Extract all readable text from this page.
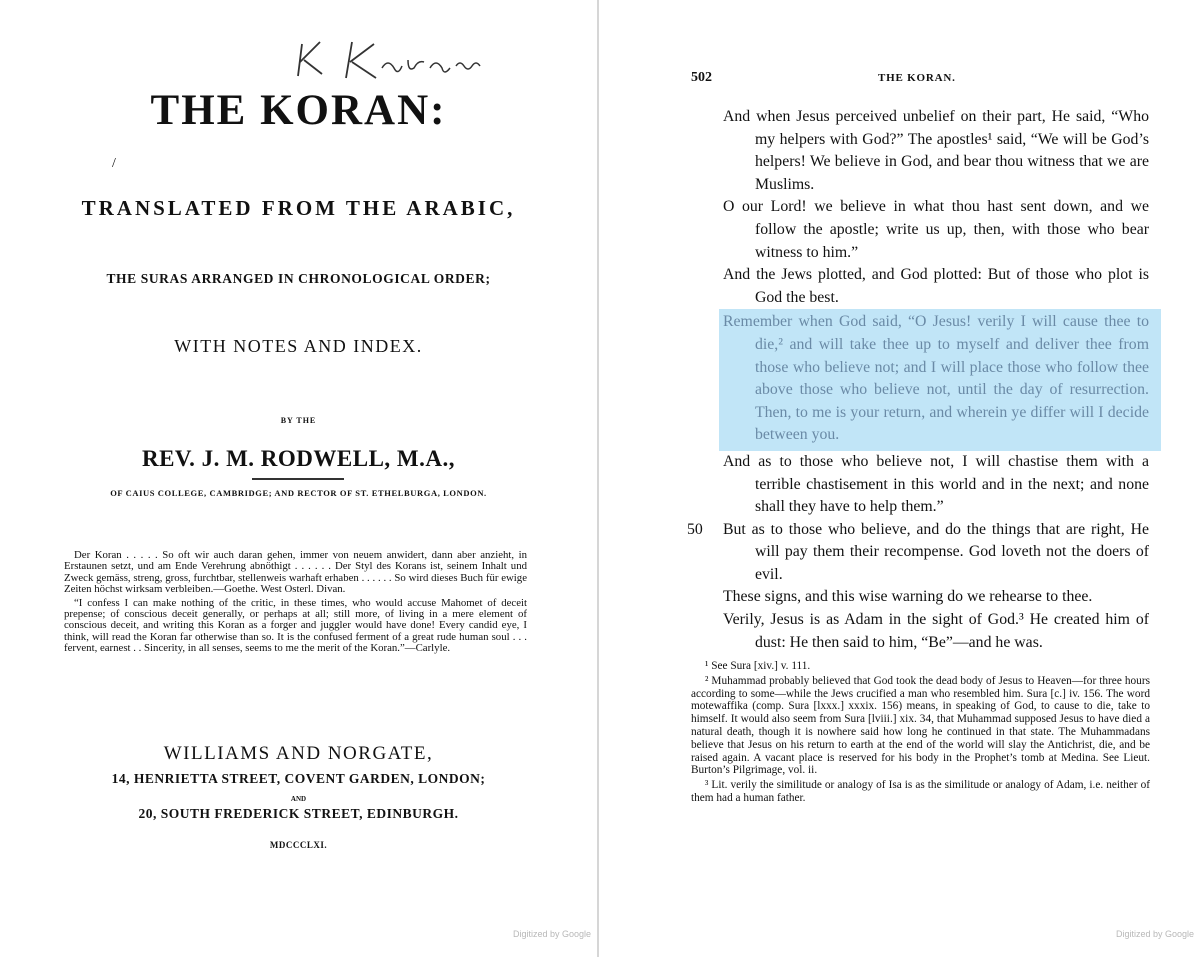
THE KORAN:
/
TRANSLATED FROM THE ARABIC,
THE SURAS ARRANGED IN CHRONOLOGICAL ORDER;
WITH NOTES AND INDEX.
BY THE
REV. J. M. RODWELL, M.A.,
OF CAIUS COLLEGE, CAMBRIDGE; AND RECTOR OF ST. ETHELBURGA, LONDON.

Der Koran . . . . . So oft wir auch daran gehen, immer von neuem anwidert, dann aber anzieht, in Erstaunen setzt, und am Ende Verehrung abnöthigt . . . . . . Der Styl des Korans ist, seinem Inhalt und Zweck gemäss, streng, gross, furchtbar, stellenweis warhaft erhaben . . . . . . So wird dieses Buch für ewige Zeiten höchst wirksam verbleiben.—Goethe. West Osterl. Divan.

“I confess I can make nothing of the critic, in these times, who would accuse Mahomet of deceit prepense; of conscious deceit generally, or perhaps at all; still more, of living in a mere element of conscious deceit, and writing this Koran as a forger and juggler would have done! Every candid eye, I think, will read the Koran far otherwise than so. It is the confused ferment of a great rude human soul . . . fervent, earnest . . Sincerity, in all senses, seems to me the merit of the Koran.”—Carlyle.

WILLIAMS AND NORGATE,
14, HENRIETTA STREET, COVENT GARDEN, LONDON;
AND
20, SOUTH FREDERICK STREET, EDINBURGH.
MDCCCLXI.
Digitized by Google
502	THE KORAN.

And when Jesus perceived unbelief on their part, He said, “Who my helpers with God?” The apostles¹ said, “We will be God’s helpers! We believe in God, and bear thou witness that we are Muslims.

O our Lord! we believe in what thou hast sent down, and we follow the apostle; write us up, then, with those who bear witness to him.”

And the Jews plotted, and God plotted: But of those who plot is God the best.

Remember when God said, “O Jesus! verily I will cause thee to die,² and will take thee up to myself and deliver thee from those who believe not; and I will place those who follow thee above those who believe not, until the day of resurrection. Then, to me is your return, and wherein ye differ will I decide between you.

And as to those who believe not, I will chastise them with a terrible chastisement in this world and in the next; and none shall they have to help them.”

50 But as to those who believe, and do the things that are right, He will pay them their recompense. God loveth not the doers of evil.

These signs, and this wise warning do we rehearse to thee.

Verily, Jesus is as Adam in the sight of God.³ He created him of dust: He then said to him, “Be”—and he was.

¹ See Sura [xiv.] v. 111.

² Muhammad probably believed that God took the dead body of Jesus to Heaven—for three hours according to some—while the Jews crucified a man who resembled him. Sura [c.] iv. 156. The word motewaffika (comp. Sura [lxxx.] xxxix. 156) means, in speaking of God, to cause to die, take to himself. It would also seem from Sura [lviii.] xix. 34, that Muhammad supposed Jesus to have died a natural death, though it is nowhere said how long he continued in that state. The Muhammadans believe that Jesus on his return to earth at the end of the world will slay the Antichrist, die, and be raised again. A vacant place is reserved for his body in the Prophet’s tomb at Medina. See Lieut. Burton’s Pilgrimage, vol. ii.

³ Lit. verily the similitude or analogy of Isa is as the similitude or analogy of Adam, i.e. neither of them had a human father.

Digitized by Google
